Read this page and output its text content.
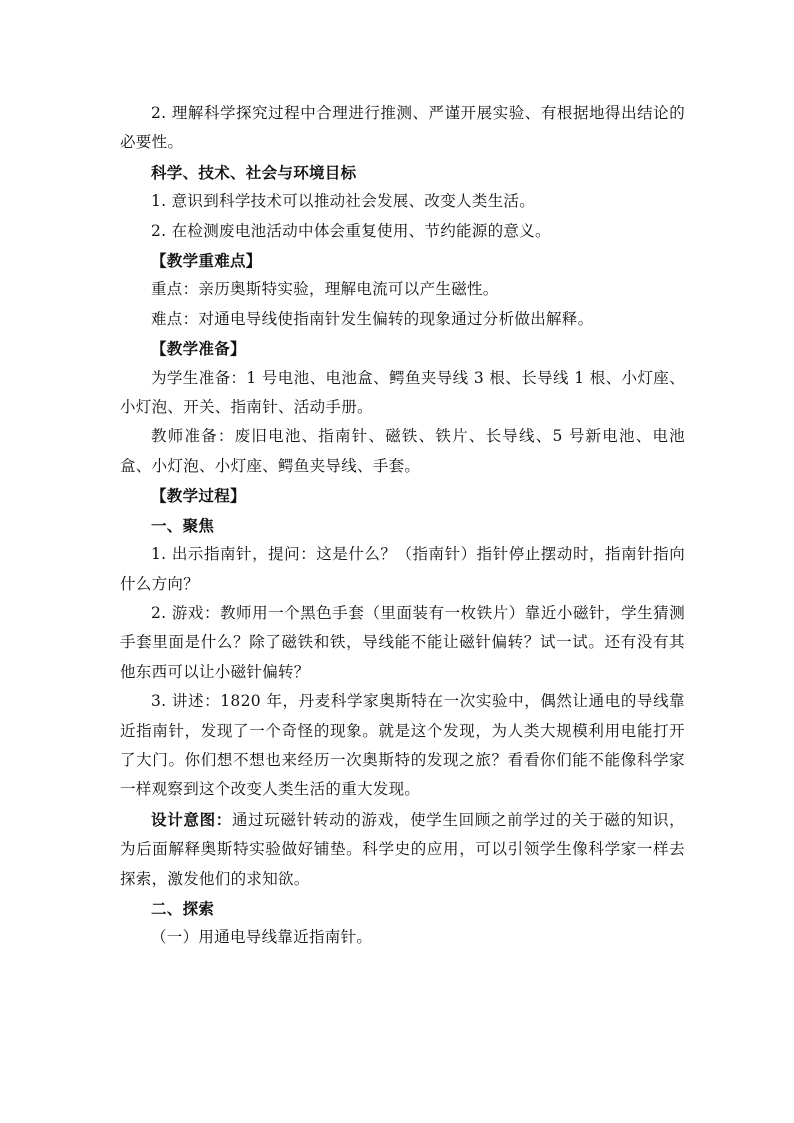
2. 理解科学探究过程中合理进行推测、严谨开展实验、有根据地得出结论的必要性。

科学、技术、社会与环境目标

1. 意识到科学技术可以推动社会发展、改变人类生活。

2. 在检测废电池活动中体会重复使用、节约能源的意义。

【教学重难点】

重点：亲历奥斯特实验，理解电流可以产生磁性。

难点：对通电导线使指南针发生偏转的现象通过分析做出解释。

【教学准备】

为学生准备：1 号电池、电池盒、鳄鱼夹导线 3 根、长导线 1 根、小灯座、小灯泡、开关、指南针、活动手册。

教师准备：废旧电池、指南针、磁铁、铁片、长导线、5 号新电池、电池盒、小灯泡、小灯座、鳄鱼夹导线、手套。

【教学过程】

一、聚焦

1. 出示指南针，提问：这是什么？（指南针）指针停止摆动时，指南针指向什么方向？

2. 游戏：教师用一个黑色手套（里面装有一枚铁片）靠近小磁针，学生猜测手套里面是什么？除了磁铁和铁，导线能不能让磁针偏转？试一试。还有没有其他东西可以让小磁针偏转？

3. 讲述：1820 年，丹麦科学家奥斯特在一次实验中，偶然让通电的导线靠近指南针，发现了一个奇怪的现象。就是这个发现，为人类大规模利用电能打开了大门。你们想不想也来经历一次奥斯特的发现之旅？看看你们能不能像科学家一样观察到这个改变人类生活的重大发现。

设计意图：通过玩磁针转动的游戏，使学生回顾之前学过的关于磁的知识，为后面解释奥斯特实验做好铺垫。科学史的应用，可以引领学生像科学家一样去探索，激发他们的求知欲。

二、探索

（一）用通电导线靠近指南针。
